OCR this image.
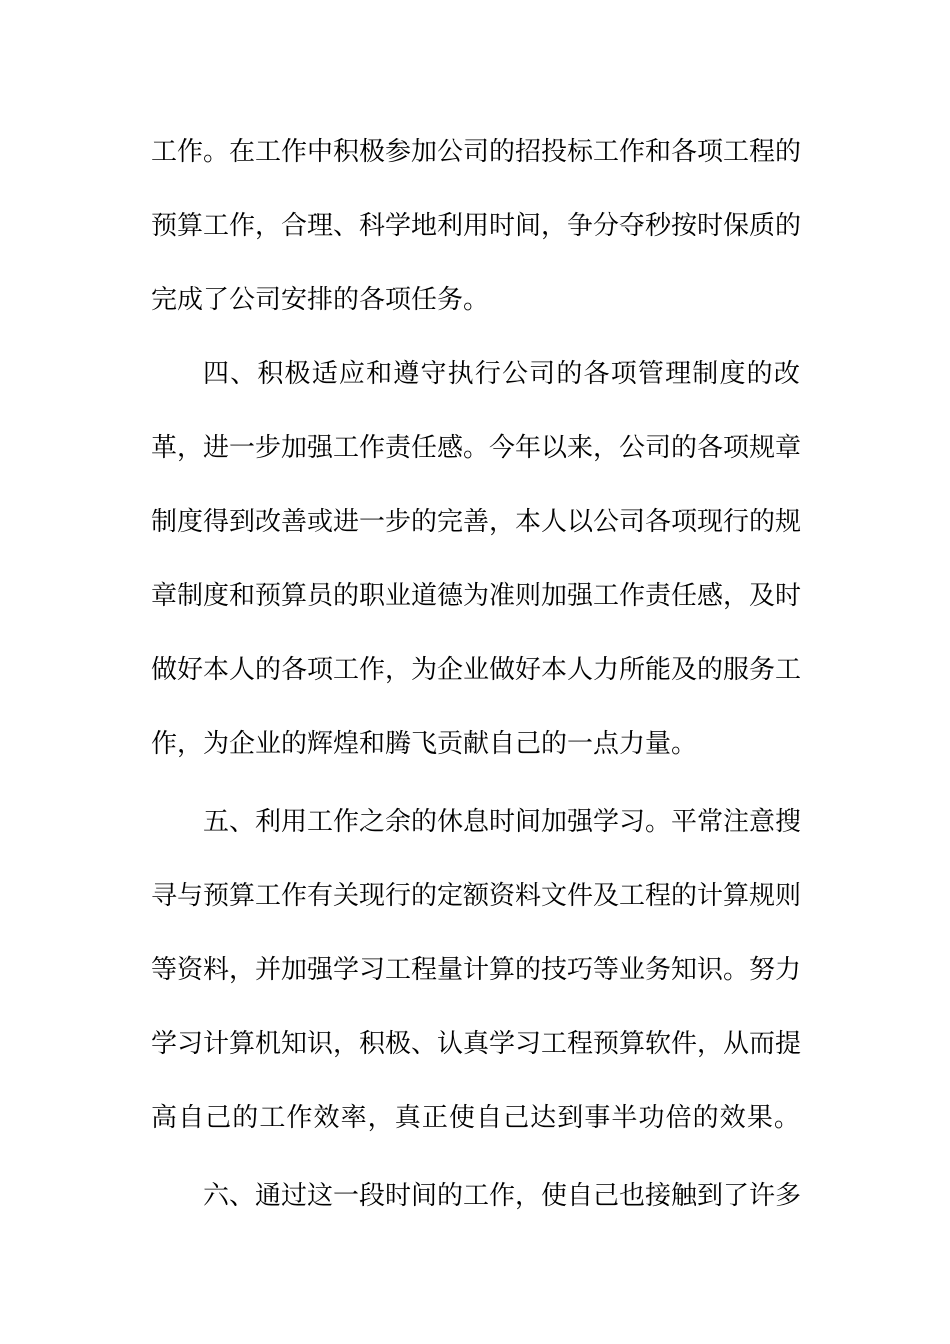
工作。在工作中积极参加公司的招投标工作和各项工程的
预算工作，合理、科学地利用时间，争分夺秒按时保质的
完成了公司安排的各项任务。
四、积极适应和遵守执行公司的各项管理制度的改
革，进一步加强工作责任感。今年以来，公司的各项规章
制度得到改善或进一步的完善，本人以公司各项现行的规
章制度和预算员的职业道德为准则加强工作责任感，及时
做好本人的各项工作，为企业做好本人力所能及的服务工
作，为企业的辉煌和腾飞贡献自己的一点力量。
五、利用工作之余的休息时间加强学习。平常注意搜
寻与预算工作有关现行的定额资料文件及工程的计算规则
等资料，并加强学习工程量计算的技巧等业务知识。努力
学习计算机知识，积极、认真学习工程预算软件，从而提
高自己的工作效率，真正使自己达到事半功倍的效果。
六、通过这一段时间的工作，使自己也接触到了许多
